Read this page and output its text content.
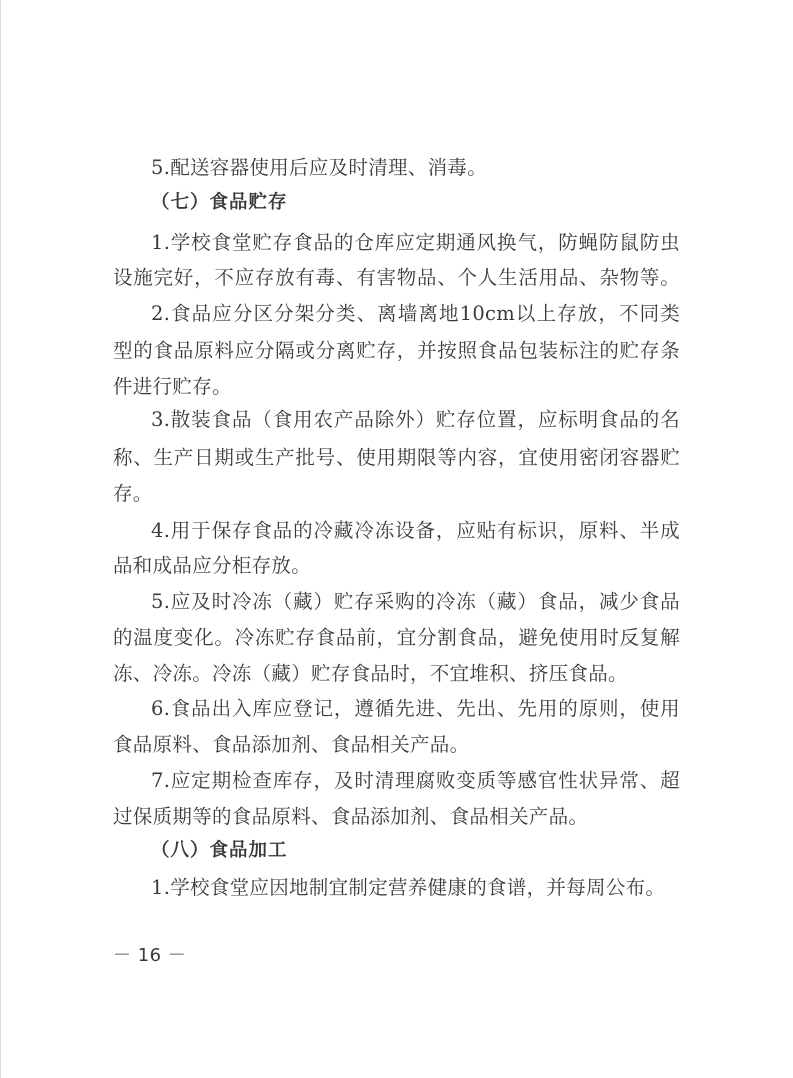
5.配送容器使用后应及时清理、消毒。

（七）食品贮存

1.学校食堂贮存食品的仓库应定期通风换气，防蝇防鼠防虫

设施完好，不应存放有毒、有害物品、个人生活用品、杂物等。

2.食品应分区分架分类、离墙离地10cm以上存放，不同类

型的食品原料应分隔或分离贮存，并按照食品包装标注的贮存条

件进行贮存。

3.散装食品（食用农产品除外）贮存位置，应标明食品的名

称、生产日期或生产批号、使用期限等内容，宜使用密闭容器贮

存。

4.用于保存食品的冷藏冷冻设备，应贴有标识，原料、半成

品和成品应分柜存放。

5.应及时冷冻（藏）贮存采购的冷冻（藏）食品，减少食品

的温度变化。冷冻贮存食品前，宜分割食品，避免使用时反复解

冻、冷冻。冷冻（藏）贮存食品时，不宜堆积、挤压食品。

6.食品出入库应登记，遵循先进、先出、先用的原则，使用

食品原料、食品添加剂、食品相关产品。

7.应定期检查库存，及时清理腐败变质等感官性状异常、超

过保质期等的食品原料、食品添加剂、食品相关产品。

（八）食品加工

1.学校食堂应因地制宜制定营养健康的食谱，并每周公布。

－ 16 －
